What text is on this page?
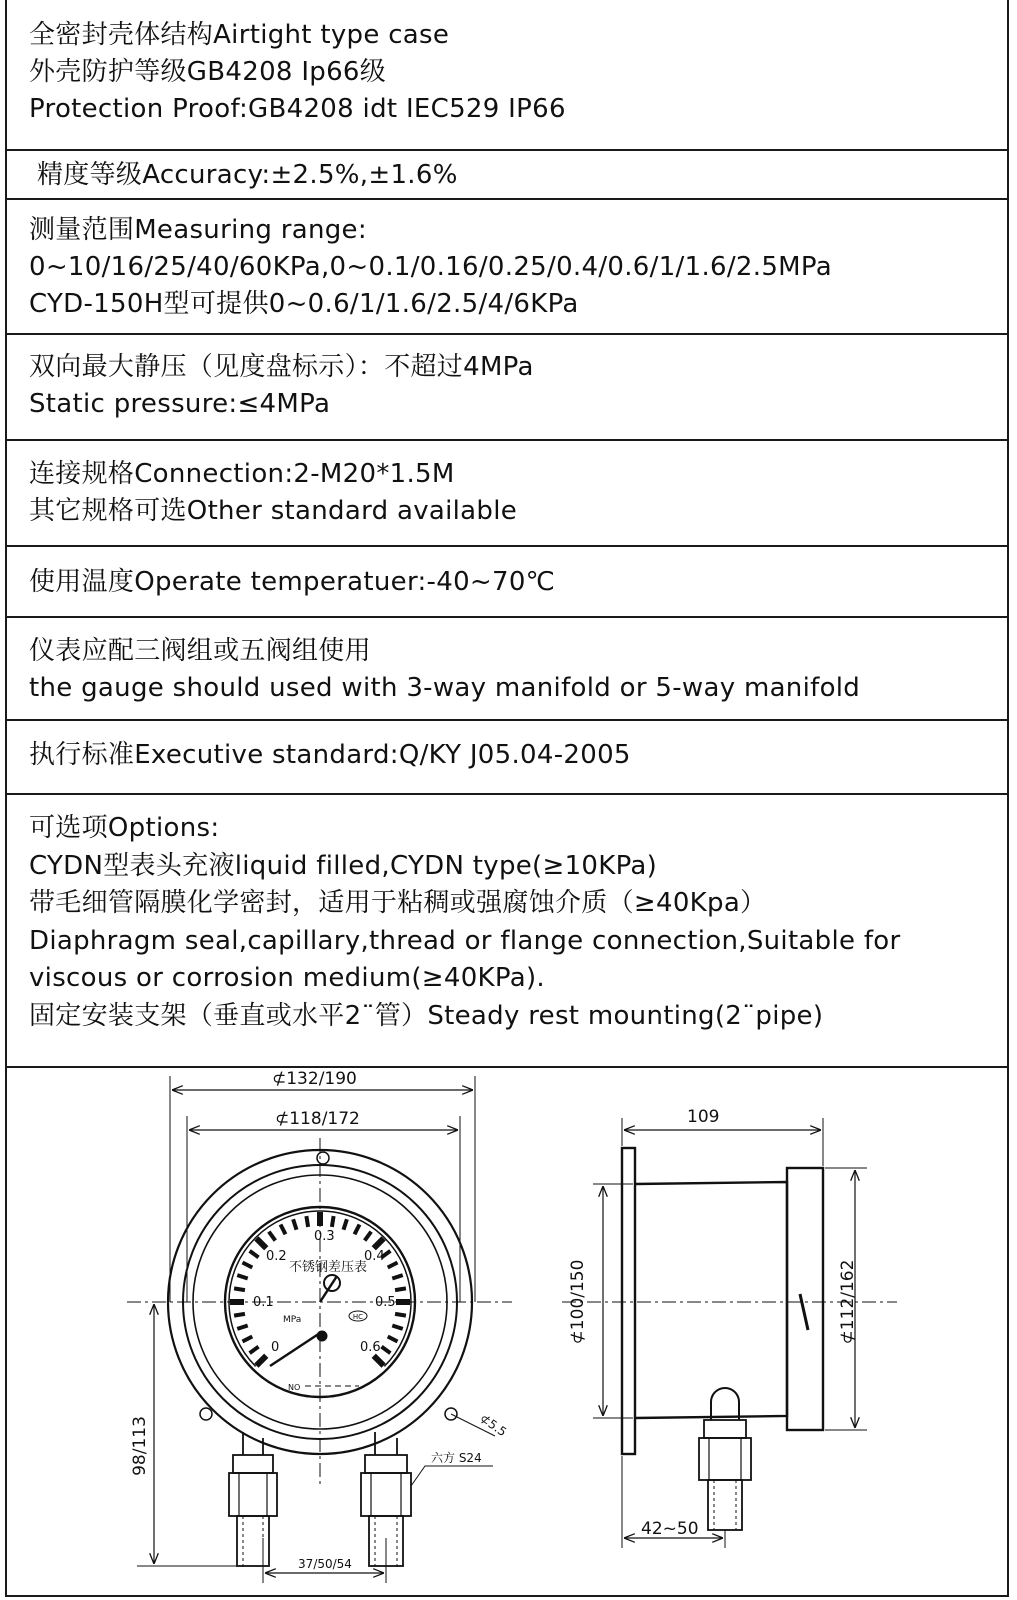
全密封壳体结构Airtight type case
外壳防护等级GB4208 Ip66级
Protection Proof:GB4208 idt IEC529 IP66
精度等级Accuracy:±2.5%,±1.6%
测量范围Measuring range:
0~10/16/25/40/60KPa,0~0.1/0.16/0.25/0.4/0.6/1/1.6/2.5MPa
CYD-150H型可提供0~0.6/1/1.6/2.5/4/6KPa
双向最大静压（见度盘标示）：不超过4MPa
Static pressure:≤4MPa
连接规格Connection:2-M20*1.5M
其它规格可选Other standard available
使用温度Operate temperatuer:-40~70℃
仪表应配三阀组或五阀组使用
the gauge should used with 3-way manifold or 5-way manifold
执行标准Executive standard:Q/KY J05.04-2005
可选项Options:
CYDN型表头充液liquid filled,CYDN type(≥10KPa)
带毛细管隔膜化学密封，适用于粘稠或强腐蚀介质（≥40Kpa）
Diaphragm seal,capillary,thread or flange connection,Suitable for
viscous or corrosion medium(≥40KPa).
固定安装支架（垂直或水平2¨管）Steady rest mounting(2¨pipe)
⊄132/190
⊄118/172
98/113
37/50/54
六方 S24
⊄5.5
不锈钢差压表
MPa	HC
NO
0
0.1
0.2
0.3
0.4
0.5
0.6
109
⊄100/150	⊄112/162
42~50
